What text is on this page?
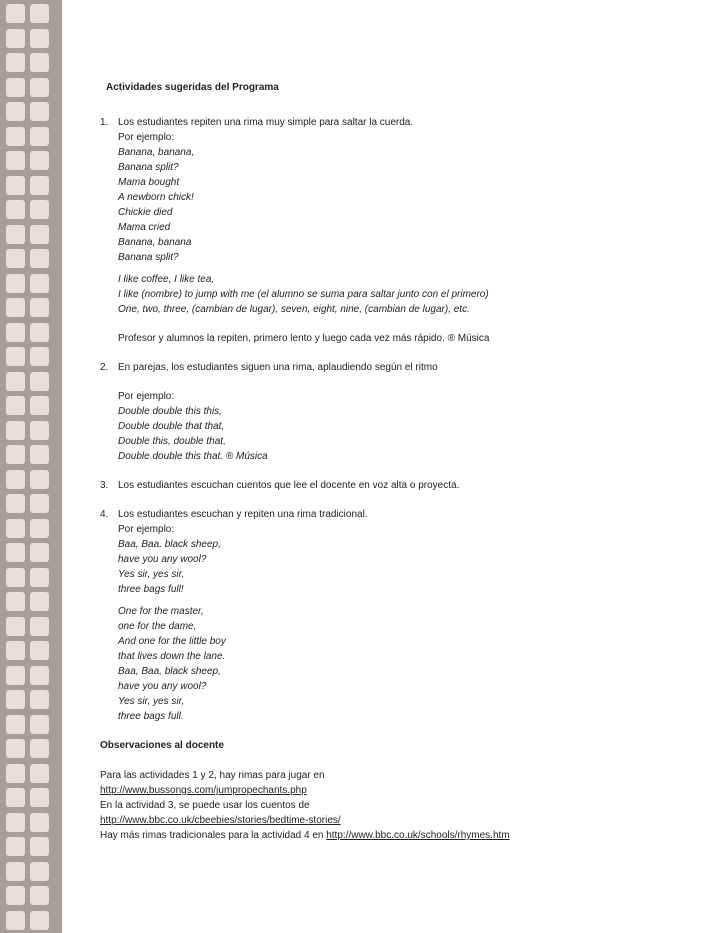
Actividades sugeridas del Programa
1. Los estudiantes repiten una rima muy simple para saltar la cuerda.
Por ejemplo:
Banana, banana,
Banana split?
Mama bought
A newborn chick!
Chickie died
Mama cried
Banana, banana
Banana split?
I like coffee, I like tea,
I like (nombre) to jump with me (el alumno se suma para saltar junto con el primero)
One, two, three, (cambian de lugar), seven, eight, nine, (cambian de lugar), etc.
Profesor y alumnos la repiten, primero lento y luego cada vez más rápido. ® Música
2. En parejas, los estudiantes siguen una rima, aplaudiendo según el ritmo
Por ejemplo:
Double double this this,
Double double that that,
Double this, double that,
Double double this that. ® Música
3. Los estudiantes escuchan cuentos que lee el docente en voz alta o proyecta.
4. Los estudiantes escuchan y repiten una rima tradicional.
Por ejemplo:
Baa, Baa, black sheep,
have you any wool?
Yes sir, yes sir,
three bags full!
One for the master,
one for the dame,
And one for the little boy
that lives down the lane.
Baa, Baa, black sheep,
have you any wool?
Yes sir, yes sir,
three bags full.
Observaciones al docente
Para las actividades 1 y 2, hay rimas para jugar en
http://www.bussongs.com/jumpropechants.php
En la actividad 3, se puede usar los cuentos de
http://www.bbc.co.uk/cbeebies/stories/bedtime-stories/
Hay más rimas tradicionales para la actividad 4 en http://www.bbc.co.uk/schools/rhymes.htm
